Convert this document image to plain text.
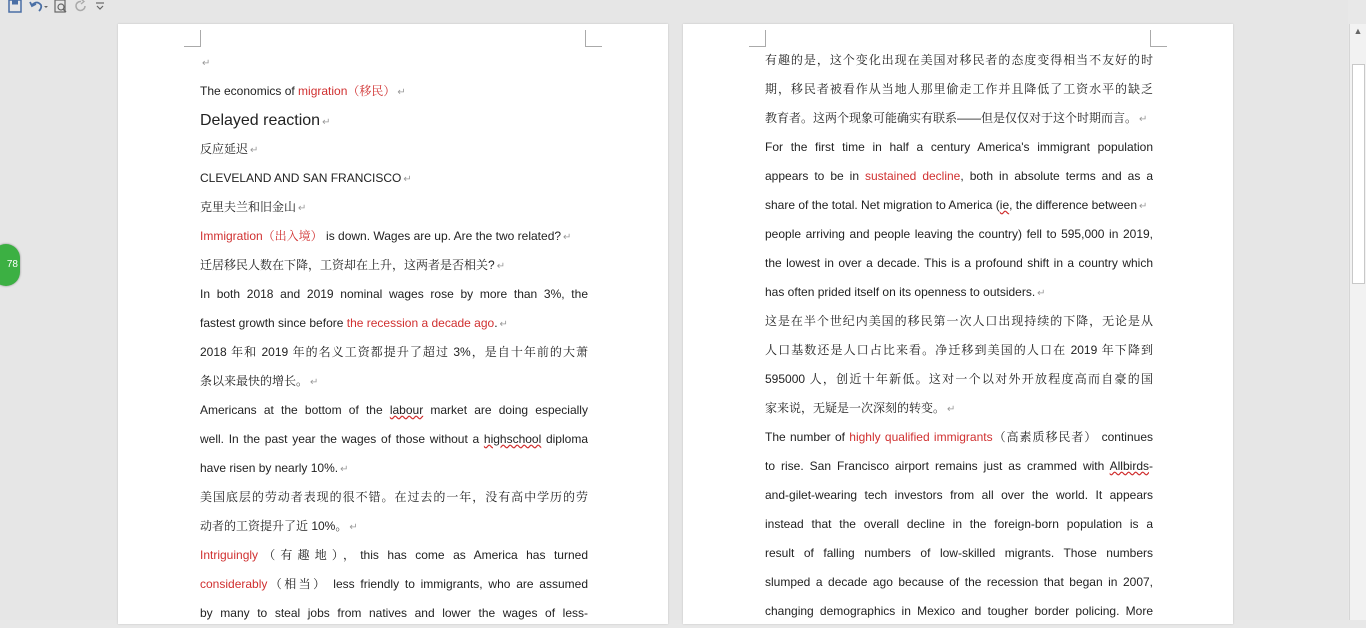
↵
The economics of migration（移民） ↵
Delayed reaction ↵
反应延迟 ↵
CLEVELAND AND SAN FRANCISCO ↵
克里夫兰和旧金山 ↵
Immigration（出入境） is down. Wages are up. Are the two related? ↵
迁居移民人数在下降，工资却在上升，这两者是否相关? ↵
In both 2018 and 2019 nominal wages rose by more than 3%, the
fastest growth since before the recession a decade ago. ↵
2018 年和 2019 年的名义工资都提升了超过 3%，是自十年前的大萧
条以来最快的增长。 ↵
Americans at the bottom of the labour market are doing especially
well. In the past year the wages of those without a highschool diploma
have risen by nearly 10%. ↵
美国底层的劳动者表现的很不错。在过去的一年，没有高中学历的劳
动者的工资提升了近 10%。 ↵
Intriguingly（有趣地），this has come as America has turned
considerably（相当） less friendly to immigrants, who are assumed
by many to steal jobs from natives and lower the wages of less-
有趣的是，这个变化出现在美国对移民者的态度变得相当不友好的时
期，移民者被看作从当地人那里偷走工作并且降低了工资水平的缺乏
教育者。这两个现象可能确实有联系——但是仅仅对于这个时期而言。 ↵
For the first time in half a century America's immigrant population
appears to be in sustained decline, both in absolute terms and as a
share of the total. Net migration to America (ie, the difference between ↵
people arriving and people leaving the country) fell to 595,000 in 2019,
the lowest in over a decade. This is a profound shift in a country which
has often prided itself on its openness to outsiders. ↵
这是在半个世纪内美国的移民第一次人口出现持续的下降，无论是从
人口基数还是人口占比来看。净迁移到美国的人口在 2019 年下降到
595000 人，创近十年新低。这对一个以对外开放程度高而自豪的国
家来说，无疑是一次深刻的转变。 ↵
The number of highly qualified immigrants（高素质移民者） continues
to rise. San Francisco airport remains just as crammed with Allbirds-
and-gilet-wearing tech investors from all over the world. It appears
instead that the overall decline in the foreign-born population is a
result of falling numbers of low-skilled migrants. Those numbers
slumped a decade ago because of the recession that began in 2007,
changing demographics in Mexico and tougher border policing. More
78
▲
